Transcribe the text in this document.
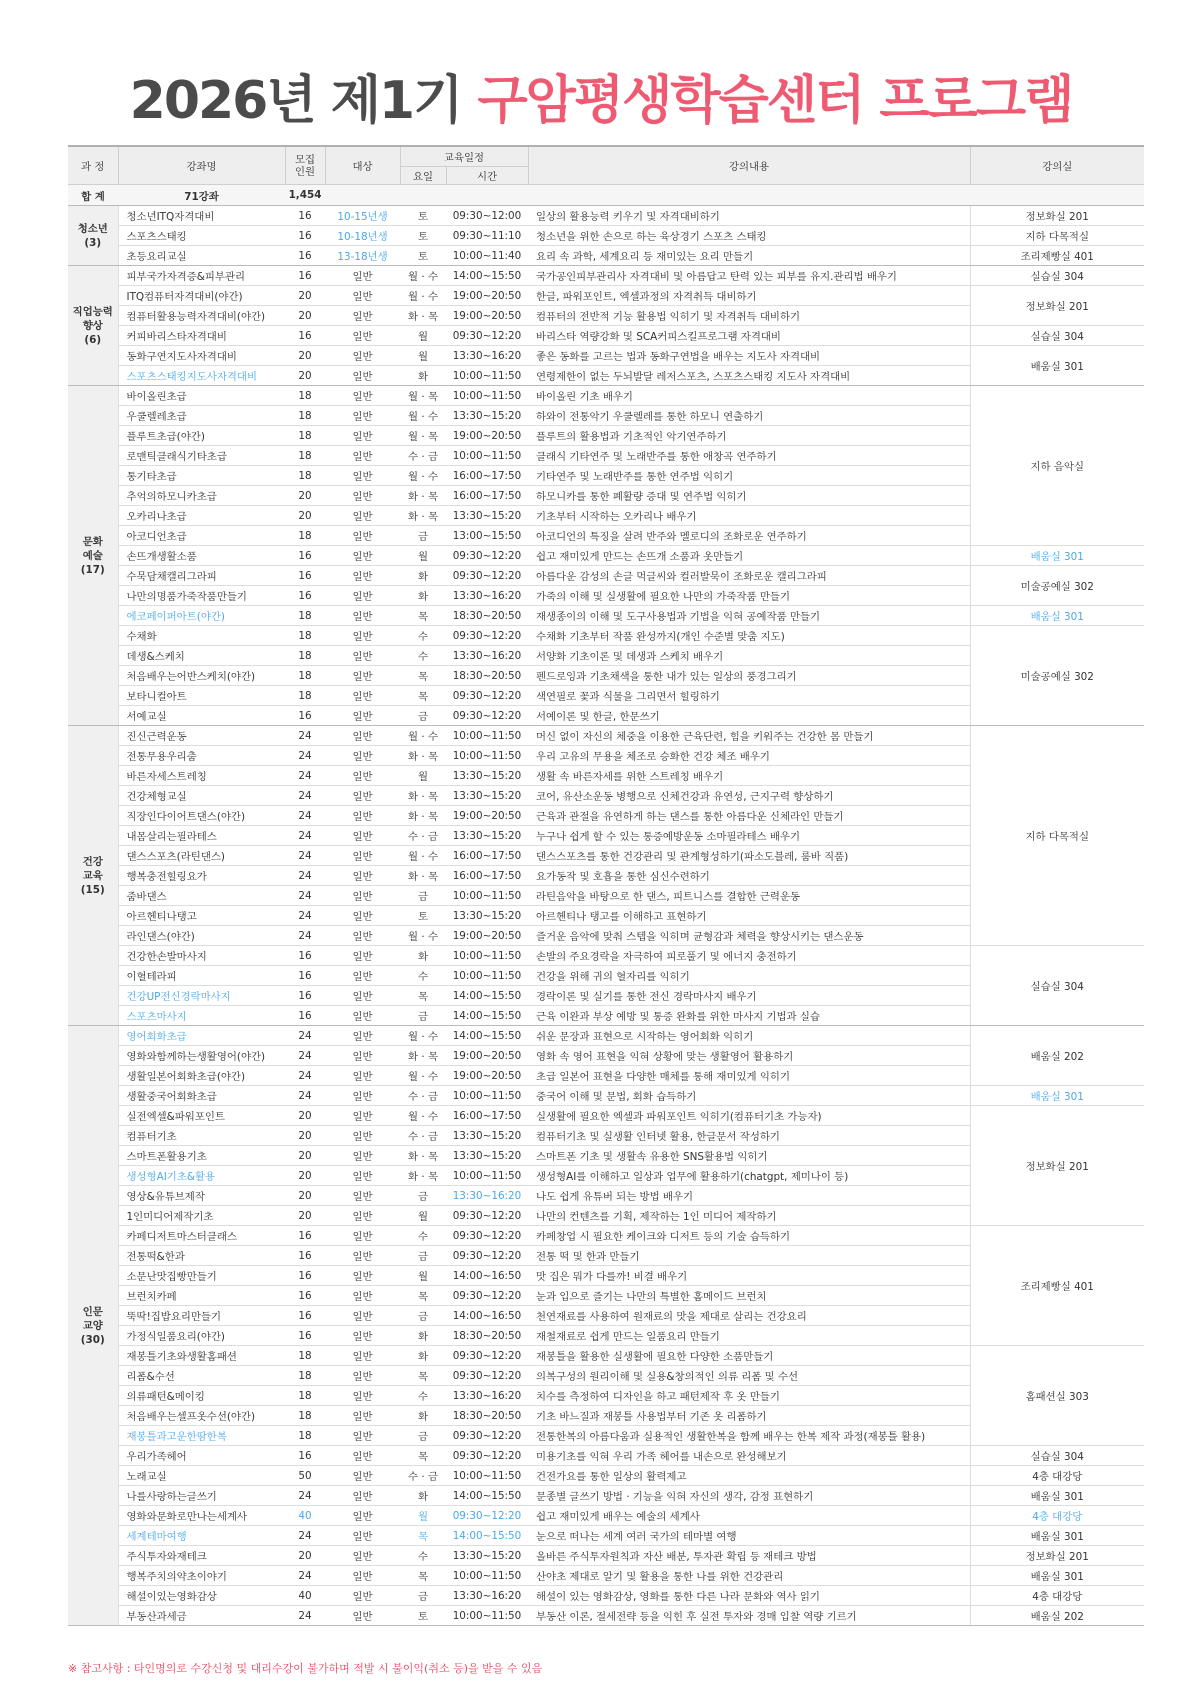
2026년 제1기 구암평생학습센터 프로그램
과 정	강좌명	모집
인원	대상	교육일정		강의내용	강의실
				요일	시간		
합 계	71강좌	1,454					
청소년
(3)	청소년ITQ자격대비	16	10-15년생	토	09:30~12:00	일상의 활용능력 키우기 및 자격대비하기	정보화실 201
	스포츠스태킹	16	10-18년생	토	09:30~11:10	청소년을 위한 손으로 하는 육상경기 스포츠 스태킹	지하 다목적실
	초등요리교실	16	13-18년생	토	10:00~11:40	요리 속 과학, 세계요리 등 재미있는 요리 만들기	조리제빵실 401
직업능력
향상
(6)	피부국가자격증&피부관리	16	일반	월 · 수	14:00~15:50	국가공인피부관리사 자격대비 및 아름답고 탄력 있는 피부를 유지.관리법 배우기	실습실 304
	ITQ컴퓨터자격대비(야간)	20	일반	월 · 수	19:00~20:50	한글, 파워포인트, 엑셀과정의 자격취득 대비하기	정보화실 201
	컴퓨터활용능력자격대비(야간)	20	일반	화 · 목	19:00~20:50	컴퓨터의 전반적 기능 활용법 익히기 및 자격취득 대비하기	
	커피바리스타자격대비	16	일반	월	09:30~12:20	바리스타 역량강화 및 SCA커피스킬프로그램 자격대비	실습실 304
	동화구연지도사자격대비	20	일반	월	13:30~16:20	좋은 동화를 고르는 법과 동화구연법을 배우는 지도사 자격대비	배움실 301
	스포츠스태킹지도사자격대비	20	일반	화	10:00~11:50	연령제한이 없는 두뇌발달 레저스포츠, 스포츠스태킹 지도사 자격대비	
문화
예술
(17)	바이올린초급	18	일반	월 · 목	10:00~11:50	바이올린 기초 배우기	지하 음악실
	우쿨렐레초급	18	일반	월 · 수	13:30~15:20	하와이 전통악기 우쿨렐레를 통한 하모니 연출하기	
	플루트초급(야간)	18	일반	월 · 목	19:00~20:50	플루트의 활용법과 기초적인 악기연주하기	
	로맨틱클래식기타초급	18	일반	수 · 금	10:00~11:50	클래식 기타연주 및 노래반주를 통한 애창곡 연주하기	
	통기타초급	18	일반	월 · 수	16:00~17:50	기타연주 및 노래반주를 통한 연주법 익히기	
	추억의하모니카초급	20	일반	화 · 목	16:00~17:50	하모니카를 통한 폐활량 증대 및 연주법 익히기	
	오카리나초급	20	일반	화 · 목	13:30~15:20	기초부터 시작하는 오카리나 배우기	
	아코디언초급	18	일반	금	13:00~15:50	아코디언의 특징을 살려 반주와 멜로디의 조화로운 연주하기	
	손뜨개생활소품	16	일반	월	09:30~12:20	쉽고 재미있게 만드는 손뜨개 소품과 옷만들기	배움실 301
	수묵담채캘리그라피	16	일반	화	09:30~12:20	아름다운 감성의 손글 먹글씨와 컬러발묵이 조화로운 캘리그라피	미술공예실 302
	나만의명품가죽작품만들기	16	일반	화	13:30~16:20	가죽의 이해 및 실생활에 필요한 나만의 가죽작품 만들기	
	에코페이퍼아트(야간)	18	일반	목	18:30~20:50	재생종이의 이해 및 도구사용법과 기법을 익혀 공예작품 만들기	배움실 301
	수채화	18	일반	수	09:30~12:20	수채화 기초부터 작품 완성까지(개인 수준별 맞춤 지도)	미술공예실 302
	데생&스케치	18	일반	수	13:30~16:20	서양화 기초이론 및 데생과 스케치 배우기	
	처음배우는어반스케치(야간)	18	일반	목	18:30~20:50	펜드로잉과 기초채색을 통한 내가 있는 일상의 풍경그리기	
	보타니컬아트	18	일반	목	09:30~12:20	색연필로 꽃과 식물을 그리면서 힐링하기	
	서예교실	16	일반	금	09:30~12:20	서예이론 및 한글, 한문쓰기	
건강
교육
(15)	진신근력운동	24	일반	월 · 수	10:00~11:50	머신 없이 자신의 체중을 이용한 근육단련, 힘을 키워주는 건강한 몸 만들기	지하 다목적실
	전통무용우리춤	24	일반	화 · 목	10:00~11:50	우리 고유의 무용을 체조로 승화한 건강 체조 배우기	
	바른자세스트레칭	24	일반	월	13:30~15:20	생활 속 바른자세를 위한 스트레칭 배우기	
	건강체형교실	24	일반	화 · 목	13:30~15:20	코어, 유산소운동 병행으로 신체건강과 유연성, 근지구력 향상하기	
	직장인다이어트댄스(야간)	24	일반	화 · 목	19:00~20:50	근육과 관절을 유연하게 하는 댄스를 통한 아름다운 신체라인 만들기	
	내몸살리는필라테스	24	일반	수 · 금	13:30~15:20	누구나 쉽게 할 수 있는 통증예방운동 소마필라테스 배우기	
	댄스스포츠(라틴댄스)	24	일반	월 · 수	16:00~17:50	댄스스포츠를 통한 건강관리 및 관계형성하기(파소도블레, 룸바 직품)	
	행복충전힐링요가	24	일반	화 · 목	16:00~17:50	요가동작 및 호흡을 통한 심신수련하기	
	줌바댄스	24	일반	금	10:00~11:50	라틴음악을 바탕으로 한 댄스, 피트니스를 결합한 근력운동	
	아르헨티나탱고	24	일반	토	13:30~15:20	아르헨티나 탱고를 이해하고 표현하기	
	라인댄스(야간)	24	일반	월 · 수	19:00~20:50	즐거운 음악에 맞춰 스텝을 익히며 균형감과 체력을 향상시키는 댄스운동	
	건강한손발마사지	16	일반	화	10:00~11:50	손발의 주요경락을 자극하여 피로풀기 및 에너지 충전하기	실습실 304
	이혈테라피	16	일반	수	10:00~11:50	건강을 위해 귀의 혈자리를 익히기	
	건강UP전신경락마사지	16	일반	목	14:00~15:50	경락이론 및 실기를 통한 전신 경락마사지 배우기	
	스포츠마사지	16	일반	금	14:00~15:50	근육 이완과 부상 예방 및 통증 완화를 위한 마사지 기법과 실습	
인문
교양
(30)	영어회화초급	24	일반	월 · 수	14:00~15:50	쉬운 문장과 표현으로 시작하는 영어회화 익히기	배움실 202
	영화와함께하는생활영어(야간)	24	일반	화 · 목	19:00~20:50	영화 속 영어 표현을 익혀 상황에 맞는 생활영어 활용하기	
	생활일본어회화초급(야간)	24	일반	월 · 수	19:00~20:50	초급 일본어 표현을 다양한 매체를 통해 재미있게 익히기	
	생활중국어회화초급	24	일반	수 · 금	10:00~11:50	중국어 이해 및 문법, 회화 습득하기	배움실 301
	실전엑셀&파워포인트	20	일반	월 · 수	16:00~17:50	실생활에 필요한 엑셀과 파워포인트 익히기(컴퓨터기초 가능자)	정보화실 201
	컴퓨터기초	20	일반	수 · 금	13:30~15:20	컴퓨터기초 및 실생활 인터넷 활용, 한글문서 작성하기	
	스마트폰활용기초	20	일반	화 · 목	13:30~15:20	스마트폰 기초 및 생활속 유용한 SNS활용법 익히기	
	생성형AI기초&활용	20	일반	화 · 목	10:00~11:50	생성형AI를 이해하고 일상과 업무에 활용하기(chatgpt, 제미나이 등)	
	영상&유튜브제작	20	일반	금	13:30~16:20	나도 쉽게 유튜버 되는 방법 배우기	
	1인미디어제작기초	20	일반	월	09:30~12:20	나만의 컨텐츠를 기획, 제작하는 1인 미디어 제작하기	
	카페디저트마스터클래스	16	일반	수	09:30~12:20	카페창업 시 필요한 케이크와 디저트 등의 기술 습득하기	조리제빵실 401
	전통떡&한과	16	일반	금	09:30~12:20	전통 떡 및 한과 만들기	
	소문난맛집빵만들기	16	일반	월	14:00~16:50	맛 집은 뭐가 다를까! 비결 배우기	
	브런치카페	16	일반	목	09:30~12:20	눈과 입으로 즐기는 나만의 특별한 홈메이드 브런치	
	뚝딱!집밥요리만들기	16	일반	금	14:00~16:50	천연재료를 사용하여 원재료의 맛을 제대로 살리는 건강요리	
	가정식일품요리(야간)	16	일반	화	18:30~20:50	재철재료로 쉽게 만드는 일품요리 만들기	
	재봉틀기초와생활홈패션	18	일반	화	09:30~12:20	재봉틀을 활용한 실생활에 필요한 다양한 소품만들기	홈패션실 303
	리폼&수선	18	일반	목	09:30~12:20	의복구성의 원리이해 및 실용&창의적인 의류 리폼 및 수선	
	의류패턴&메이킹	18	일반	수	13:30~16:20	치수를 측정하여 디자인을 하고 패턴제작 후 옷 만들기	
	처음배우는셀프옷수선(야간)	18	일반	화	18:30~20:50	기초 바느질과 재봉틀 사용법부터 기존 옷 리폼하기	
	재봉틀과고운한땀한복	18	일반	금	09:30~12:20	전통한복의 아름다움과 실용적인 생활한복을 함께 배우는 한복 제작 과정(재봉틀 활용)	
	우리가족헤어	16	일반	목	09:30~12:20	미용기초를 익혀 우리 가족 헤어를 내손으로 완성해보기	실습실 304
	노래교실	50	일반	수 · 금	10:00~11:50	건전가요를 통한 일상의 활력제고	4층 대강당
	나를사랑하는글쓰기	24	일반	화	14:00~15:50	문종별 글쓰기 방법 · 기능을 익혀 자신의 생각, 감정 표현하기	배움실 301
	영화와문화로만나는세계사	40	일반	월	09:30~12:20	쉽고 재미있게 배우는 예술의 세계사	4층 대강당
	세계테마여행	24	일반	목	14:00~15:50	눈으로 떠나는 세계 여러 국가의 테마별 여행	배움실 301
	주식투자와재테크	20	일반	수	13:30~15:20	올바른 주식투자원칙과 자산 배분, 투자관 확립 등 재테크 방법	정보화실 201
	행복주치의약초이야기	24	일반	목	10:00~11:50	산야초 제대로 알기 및 활용을 통한 나를 위한 건강관리	배움실 301
	해설이있는영화감상	40	일반	금	13:30~16:20	해설이 있는 영화감상, 영화를 통한 다른 나라 문화와 역사 읽기	4층 대강당
	부동산과세금	24	일반	토	10:00~11:50	부동산 이론, 절세전략 등을 익힌 후 실전 투자와 경매 입찰 역량 기르기	배움실 202
※ 참고사항 : 타인명의로 수강신청 및 대리수강이 불가하며 적발 시 불이익(취소 등)을 받을 수 있음
